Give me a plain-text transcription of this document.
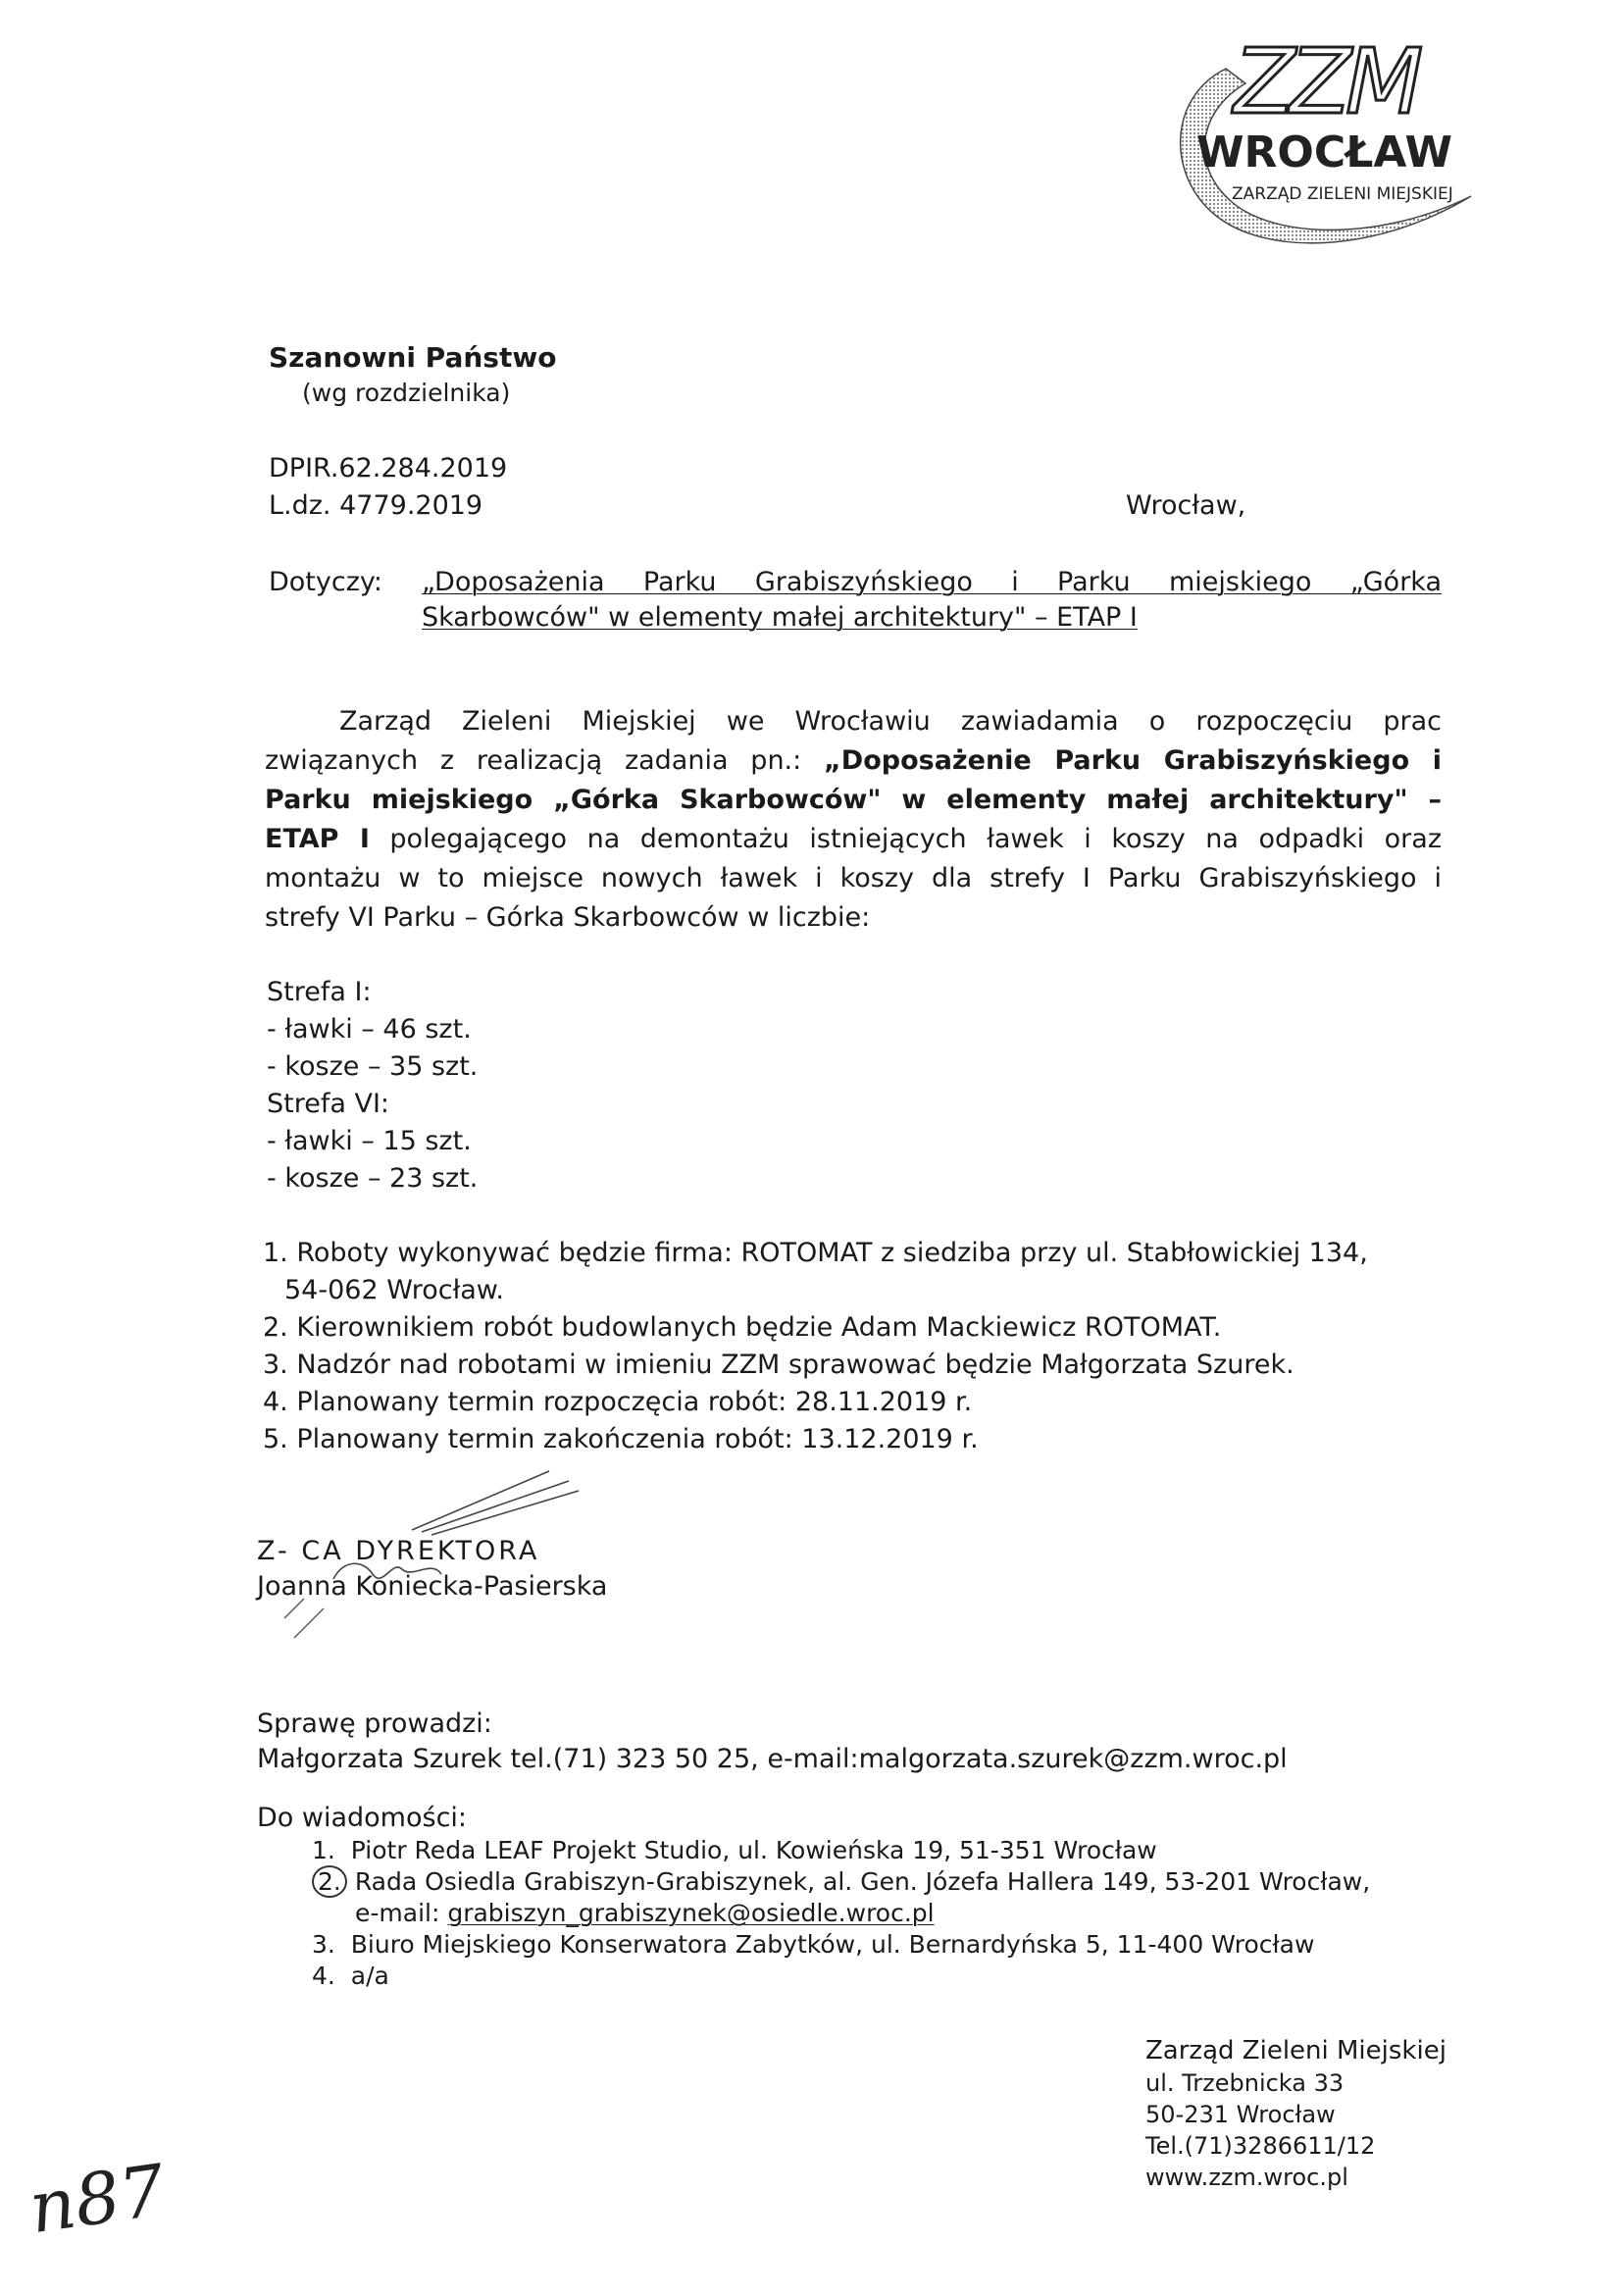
ZZM
WROCŁAW
ZARZĄD ZIELENI MIEJSKIEJ
Szanowni Państwo
(wg rozdzielnika)
DPIR.62.284.2019
L.dz. 4779.2019	Wrocław,
Dotyczy: „Doposażenia Parku Grabiszyńskiego i Parku miejskiego „Górka
Skarbowców" w elementy małej architektury" – ETAP I
Zarząd Zieleni Miejskiej we Wrocławiu zawiadamia o rozpoczęciu prac
związanych z realizacją zadania pn.: „Doposażenie Parku Grabiszyńskiego i
Parku miejskiego „Górka Skarbowców" w elementy małej architektury" –
ETAP I polegającego na demontażu istniejących ławek i koszy na odpadki oraz
montażu w to miejsce nowych ławek i koszy dla strefy I Parku Grabiszyńskiego i
strefy VI Parku – Górka Skarbowców w liczbie:
Strefa I:
- ławki – 46 szt.
- kosze – 35 szt.
Strefa VI:
- ławki – 15 szt.
- kosze – 23 szt.
1. Roboty wykonywać będzie firma: ROTOMAT z siedziba przy ul. Stabłowickiej 134,
54-062 Wrocław.
2. Kierownikiem robót budowlanych będzie Adam Mackiewicz ROTOMAT.
3. Nadzór nad robotami w imieniu ZZM sprawować będzie Małgorzata Szurek.
4. Planowany termin rozpoczęcia robót: 28.11.2019 r.
5. Planowany termin zakończenia robót: 13.12.2019 r.
Z- CA DYREKTORA
Joanna Koniecka-Pasierska
Sprawę prowadzi:
Małgorzata Szurek tel.(71) 323 50 25, e-mail:malgorzata.szurek@zzm.wroc.pl
Do wiadomości:
1. Piotr Reda LEAF Projekt Studio, ul. Kowieńska 19, 51-351 Wrocław
2. Rada Osiedla Grabiszyn-Grabiszynek, al. Gen. Józefa Hallera 149, 53-201 Wrocław,
e-mail: grabiszyn_grabiszynek@osiedle.wroc.pl
3. Biuro Miejskiego Konserwatora Zabytków, ul. Bernardyńska 5, 11-400 Wrocław
4. a/a
Zarząd Zieleni Miejskiej
ul. Trzebnicka 33
50-231 Wrocław
Tel.(71)3286611/12
www.zzm.wroc.pl
n87
